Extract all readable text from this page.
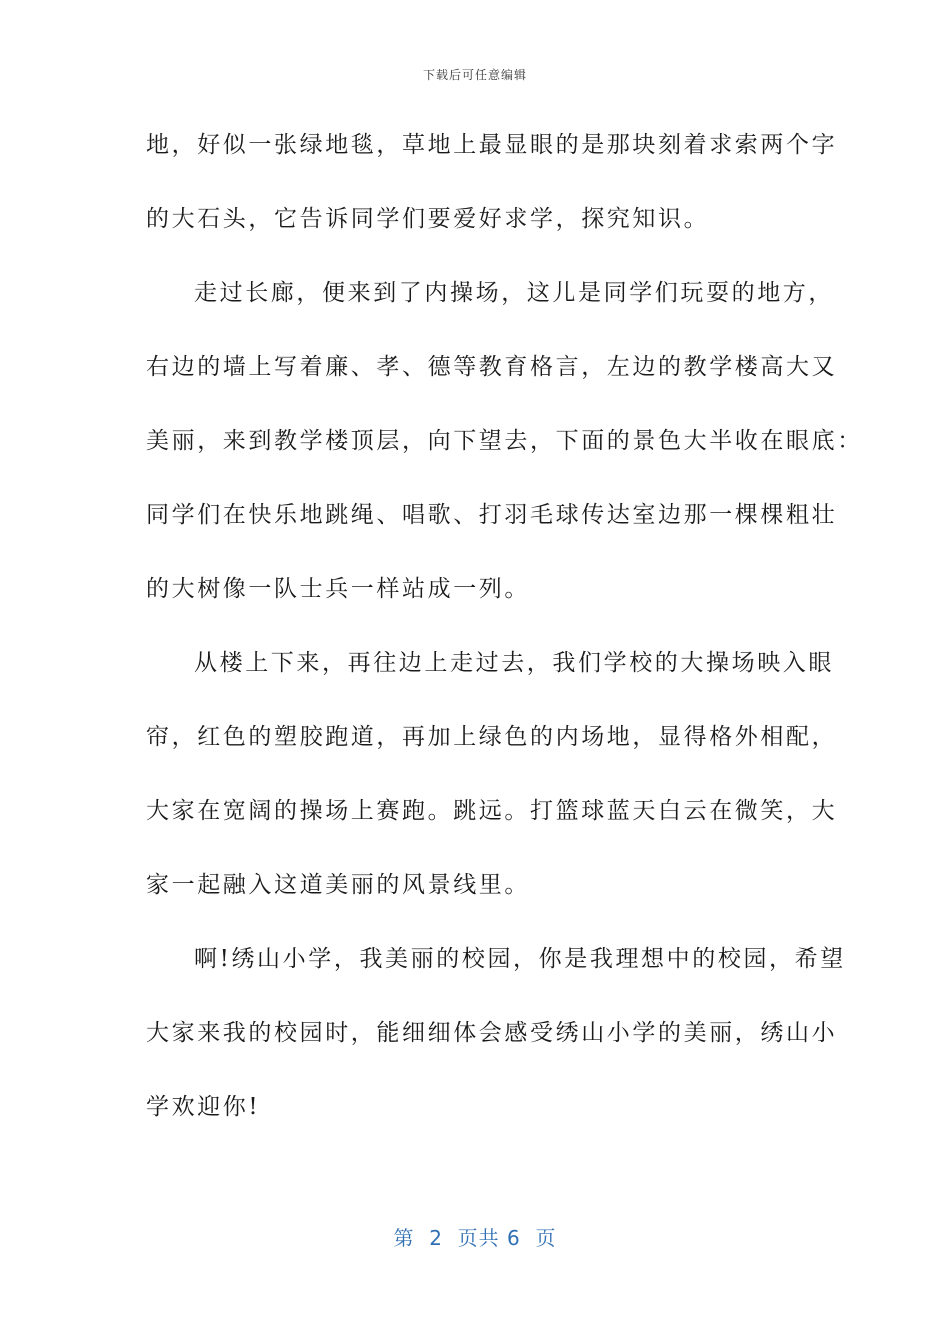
下载后可任意编辑
地，好似一张绿地毯，草地上最显眼的是那块刻着求索两个字
的大石头，它告诉同学们要爱好求学，探究知识。
走过长廊，便来到了内操场，这儿是同学们玩耍的地方，
右边的墙上写着廉、孝、德等教育格言，左边的教学楼高大又
美丽，来到教学楼顶层，向下望去，下面的景色大半收在眼底：
同学们在快乐地跳绳、唱歌、打羽毛球传达室边那一棵棵粗壮
的大树像一队士兵一样站成一列。
从楼上下来，再往边上走过去，我们学校的大操场映入眼
帘，红色的塑胶跑道，再加上绿色的内场地，显得格外相配，
大家在宽阔的操场上赛跑。跳远。打篮球蓝天白云在微笑，大
家一起融入这道美丽的风景线里。
啊!绣山小学，我美丽的校园，你是我理想中的校园，希望
大家来我的校园时，能细细体会感受绣山小学的美丽，绣山小
学欢迎你!
第  2  页共 6  页
